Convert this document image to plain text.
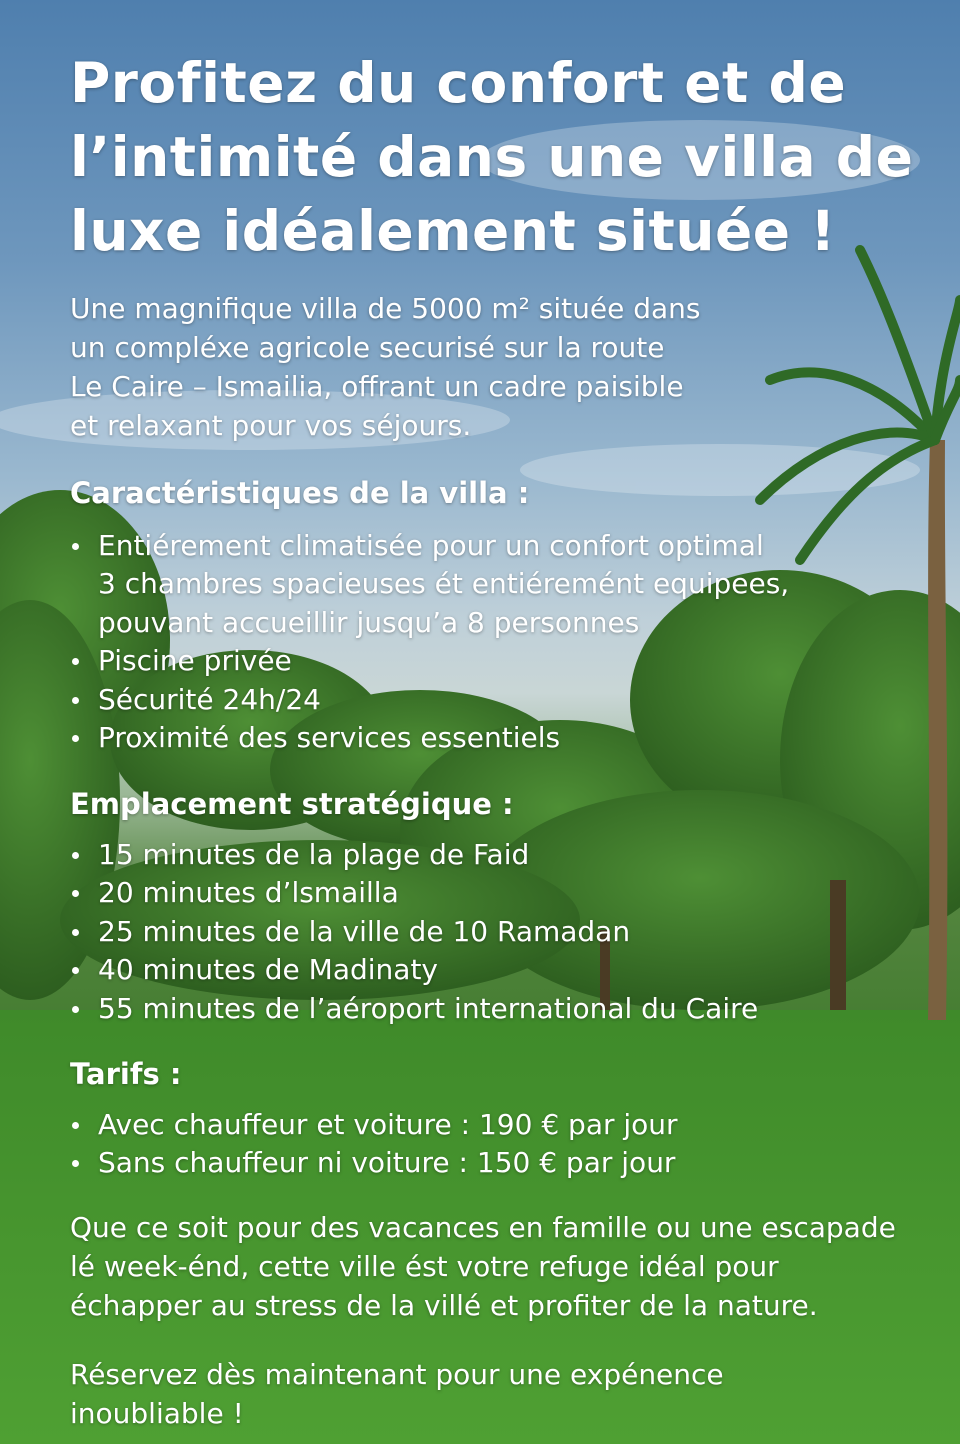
Profitez du confort et de
l’intimité dans une villa de
luxe idéalement située !

Une magnifique villa de 5000 m² située dans
un compléxe agricole securisé sur la route
Le Caire – Ismailia, offrant un cadre paisible
et relaxant pour vos séjours.

Caractéristiques de la villa :
Entiérement climatisée pour un confort optimal
3 chambres spacieuses ét entiéremént equipees,
pouvant accueillir jusqu’a 8 personnes
Piscine privée
Sécurité 24h/24
Proximité des services essentiels
Emplacement stratégique :
15 minutes de la plage de Faid
20 minutes d’lsmailla
25 minutes de la ville de 10 Ramadan
40 minutes de Madinaty
55 minutes de l’aéroport international du Caire
Tarifs :
Avec chauffeur et voiture : 190 € par jour
Sans chauffeur ni voiture : 150 € par jour

Que ce soit pour des vacances en famille ou une escapade
lé week-énd, cette ville ést votre refuge idéal pour
échapper au stress de la villé et profiter de la nature.

Réservez dès maintenant pour une expénence
inoubliable !
